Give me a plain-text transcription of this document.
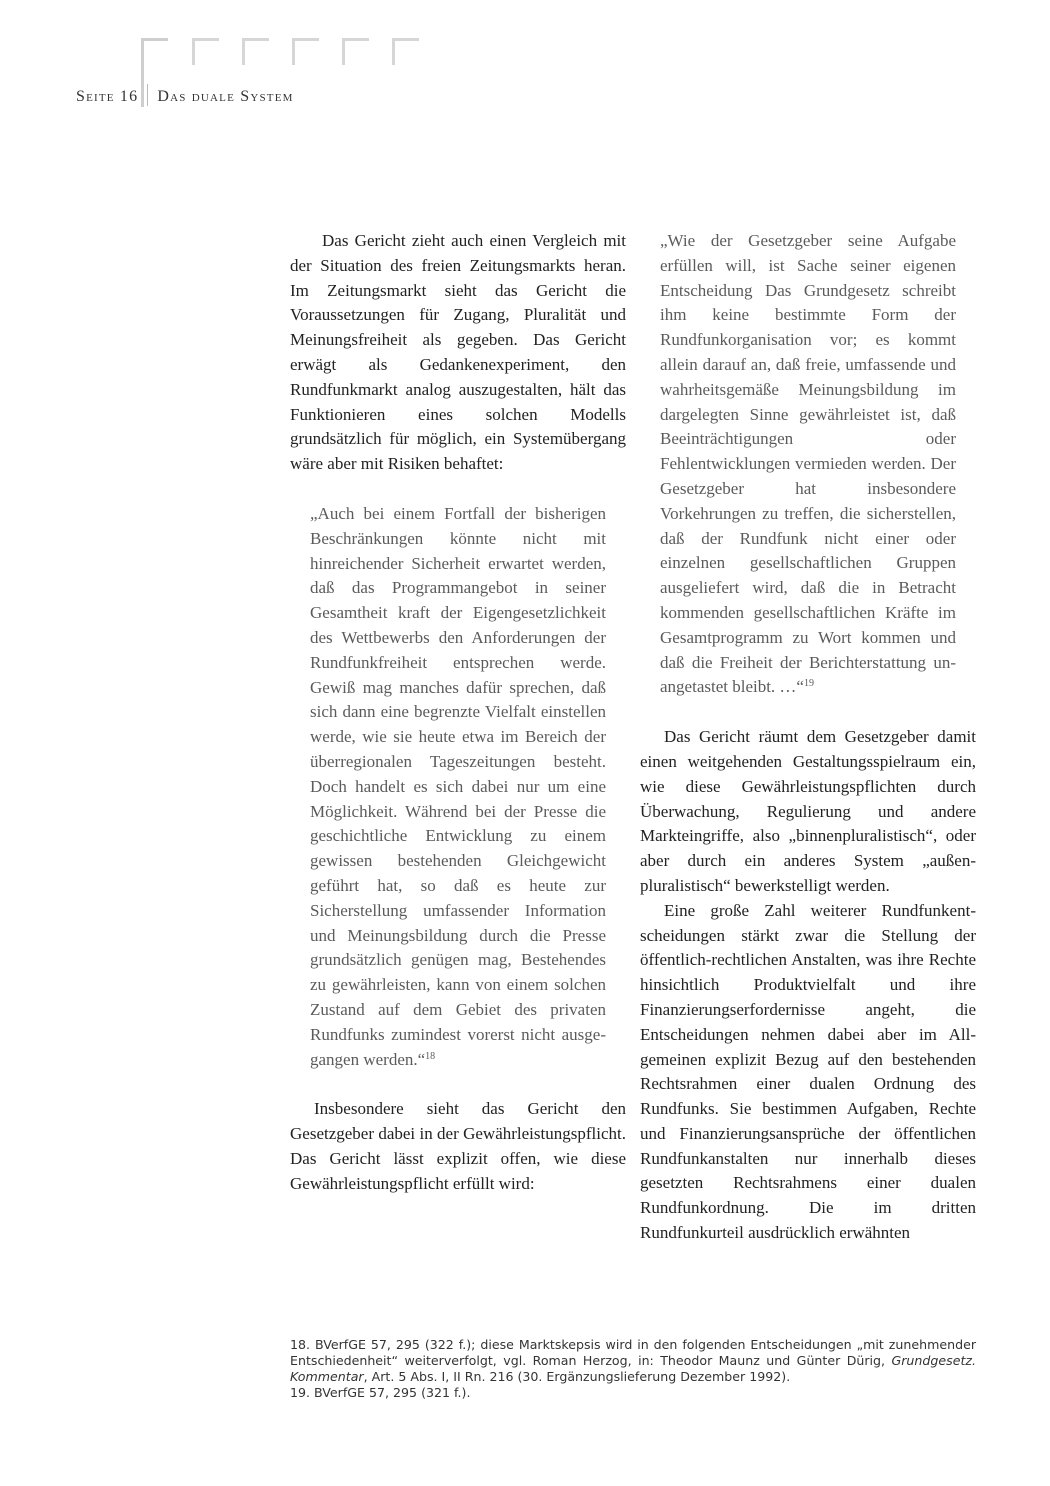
Seite 16 Das duale System

Das Gericht zieht auch einen Vergleich mit der Situation des freien Zeitungsmarkts heran. Im Zeitungsmarkt sieht das Gericht die Voraussetzungen für Zugang, Pluralität und Meinungsfreiheit als gegeben. Das Gericht erwägt als Gedankenexperiment, den Rundfunkmarkt analog auszugestalten, hält das Funktionieren eines solchen Modells grundsätzlich für möglich, ein Systemübergang wäre aber mit Risiken behaftet:

„Auch bei einem Fortfall der bisherigen Beschränkungen könnte nicht mit hinreichender Sicherheit erwartet werden, daß das Programmangebot in seiner Gesamtheit kraft der Eigengesetzlichkeit des Wettbewerbs den Anforderungen der Rundfunkfreiheit entsprechen werde. Gewiß mag manches dafür sprechen, daß sich dann eine begrenzte Vielfalt einstellen werde, wie sie heute etwa im Bereich der überregionalen Tageszeitungen besteht. Doch handelt es sich dabei nur um eine Möglichkeit. Während bei der Presse die geschichtliche Entwicklung zu einem gewissen bestehenden Gleichgewicht geführt hat, so daß es heute zur Sicherstellung umfassender Information und Meinungsbildung durch die Presse grundsätzlich genügen mag, Bestehendes zu gewährleisten, kann von einem solchen Zustand auf dem Gebiet des privaten Rundfunks zumindest vorerst nicht ausgegangen werden.“$^{18}$

Insbesondere sieht das Gericht den Gesetzgeber dabei in der Gewährleistungspflicht. Das Gericht lässt explizit offen, wie diese Gewährleistungspflicht erfüllt wird:

„Wie der Gesetzgeber seine Aufgabe erfüllen will, ist Sache seiner eigenen Entscheidung Das Grundgesetz schreibt ihm keine bestimmte Form der Rundfunkorganisation vor; es kommt allein darauf an, daß freie, umfassende und wahrheitsgemäße Meinungsbildung im dargelegten Sinne gewährleistet ist, daß Beeinträchtigungen oder Fehlentwicklungen vermieden werden. Der Gesetzgeber hat insbesondere Vorkehrungen zu treffen, die sicherstellen, daß der Rundfunk nicht einer oder einzelnen gesellschaftlichen Gruppen ausgeliefert wird, daß die in Betracht kommenden gesellschaftlichen Kräfte im Gesamtprogramm zu Wort kommen und daß die Freiheit der Berichterstattung unangetastet bleibt. …“$^{19}$

Das Gericht räumt dem Gesetzgeber damit einen weitgehenden Gestaltungsspielraum ein, wie diese Gewährleistungspflichten durch Überwachung, Regulierung und andere Markteingriffe, also „binnenpluralistisch“, oder aber durch ein anderes System „außen-pluralistisch“ bewerkstelligt werden.

Eine große Zahl weiterer Rundfunkentscheidungen stärkt zwar die Stellung der öffentlich-rechtlichen Anstalten, was ihre Rechte hinsichtlich Produktvielfalt und ihre Finanzierungserfordernisse angeht, die Entscheidungen nehmen dabei aber im Allgemeinen explizit Bezug auf den bestehenden Rechtsrahmen einer dualen Ordnung des Rundfunks. Sie bestimmen Aufgaben, Rechte und Finanzierungsansprüche der öffentlichen Rundfunkanstalten nur innerhalb dieses gesetzten Rechtsrahmens einer dualen Rundfunkordnung. Die im dritten Rundfunkurteil ausdrücklich erwähnten

18. BVerfGE 57, 295 (322 f.); diese Marktskepsis wird in den folgenden Entscheidungen „mit zunehmender Entschiedenheit“ weiterverfolgt, vgl. Roman Herzog, in: Theodor Maunz und Günter Dürig, Grundgesetz. Kommentar, Art. 5 Abs. I, II Rn. 216 (30. Ergänzungslieferung Dezember 1992).

19. BVerfGE 57, 295 (321 f.).
